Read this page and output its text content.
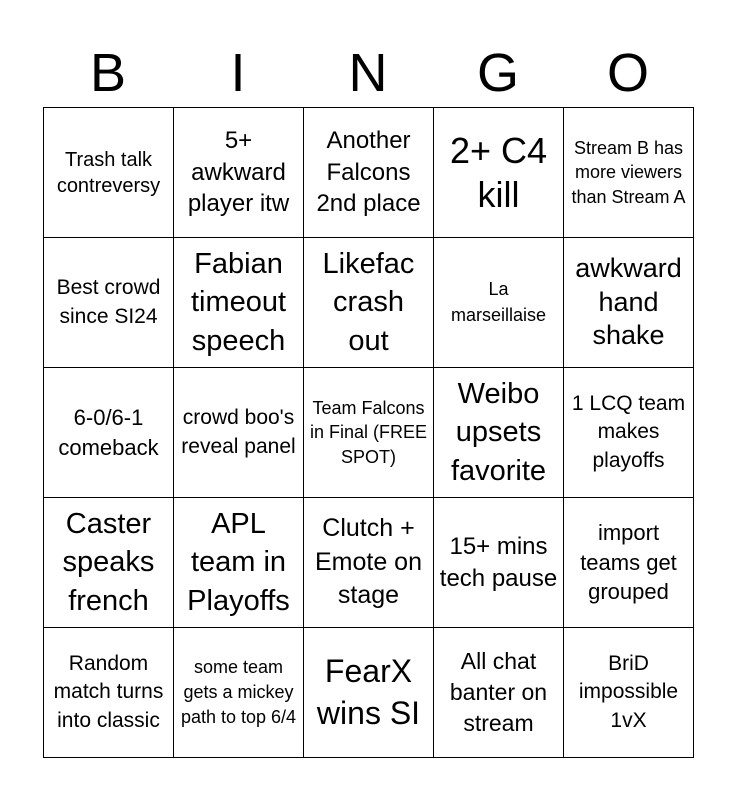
B	I	N	G	O
Trash talk contreversy
5+ awkward player itw
Another Falcons 2nd place
2+ C4 kill
Stream B has more viewers than Stream A
Best crowd since SI24
Fabian timeout speech
Likefac crash out
La marseillaise
awkward hand shake
6-0/6-1 comeback
crowd boo's reveal panel
Team Falcons in Final (FREE SPOT)
Weibo upsets favorite
1 LCQ team makes playoffs
Caster speaks french
APL team in Playoffs
Clutch + Emote on stage
15+ mins tech pause
import teams get grouped
Random match turns into classic
some team gets a mickey path to top 6/4
FearX wins SI
All chat banter on stream
BriD impossible 1vX
